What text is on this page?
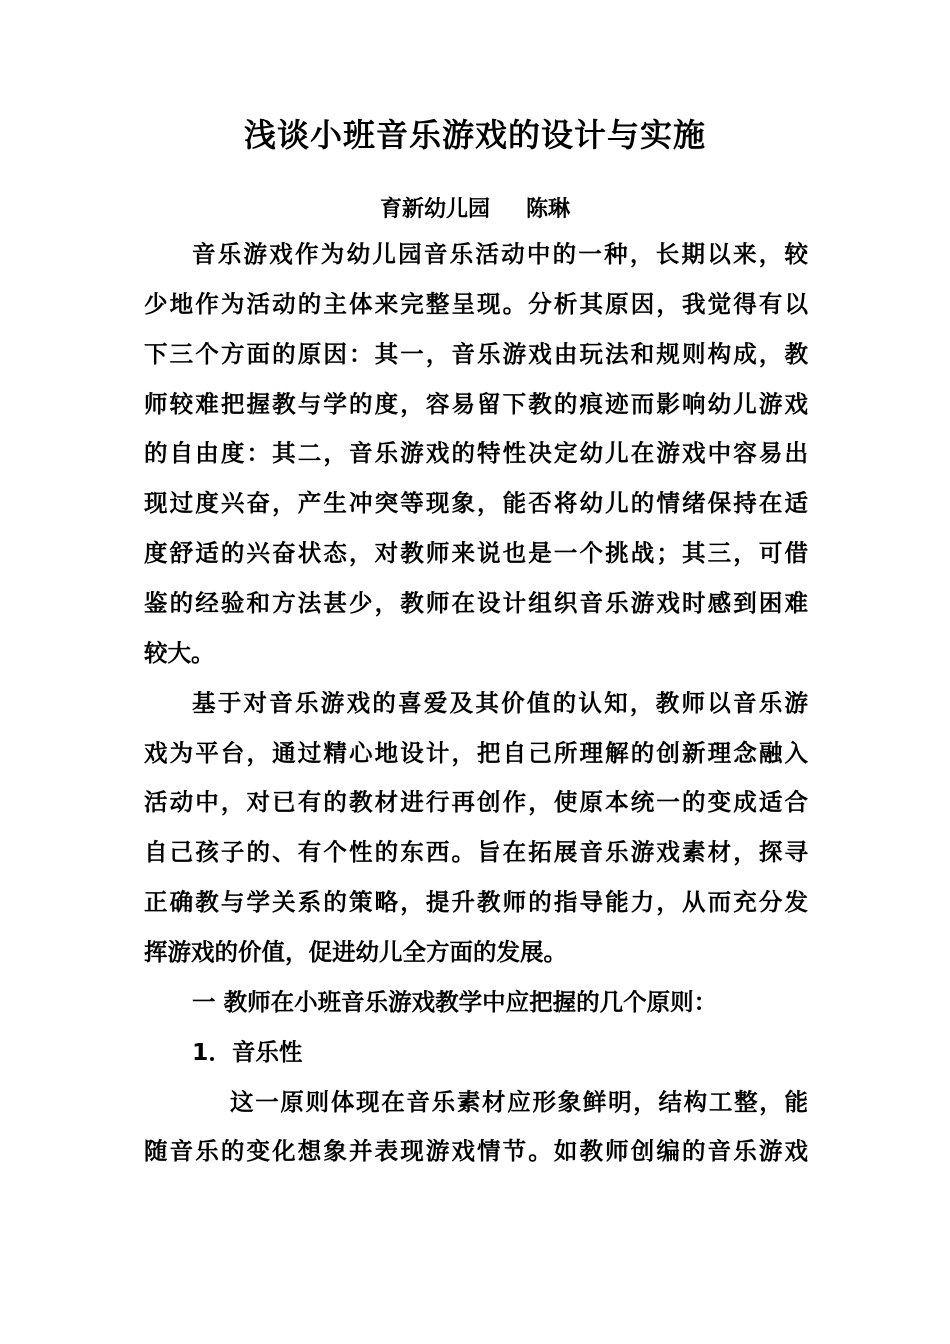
浅谈小班音乐游戏的设计与实施
育新幼儿园 陈琳
音乐游戏作为幼儿园音乐活动中的一种，长期以来，较
少地作为活动的主体来完整呈现。分析其原因，我觉得有以
下三个方面的原因：其一，音乐游戏由玩法和规则构成，教
师较难把握教与学的度，容易留下教的痕迹而影响幼儿游戏
的自由度：其二，音乐游戏的特性决定幼儿在游戏中容易出
现过度兴奋，产生冲突等现象，能否将幼儿的情绪保持在适
度舒适的兴奋状态，对教师来说也是一个挑战；其三，可借
鉴的经验和方法甚少，教师在设计组织音乐游戏时感到困难
较大。
基于对音乐游戏的喜爱及其价值的认知，教师以音乐游
戏为平台，通过精心地设计，把自己所理解的创新理念融入
活动中，对已有的教材进行再创作，使原本统一的变成适合
自己孩子的、有个性的东西。旨在拓展音乐游戏素材，探寻
正确教与学关系的策略，提升教师的指导能力，从而充分发
挥游戏的价值，促进幼儿全方面的发展。
一 教师在小班音乐游戏教学中应把握的几个原则：
1．音乐性
这一原则体现在音乐素材应形象鲜明，结构工整，能
随音乐的变化想象并表现游戏情节。如教师创编的音乐游戏
